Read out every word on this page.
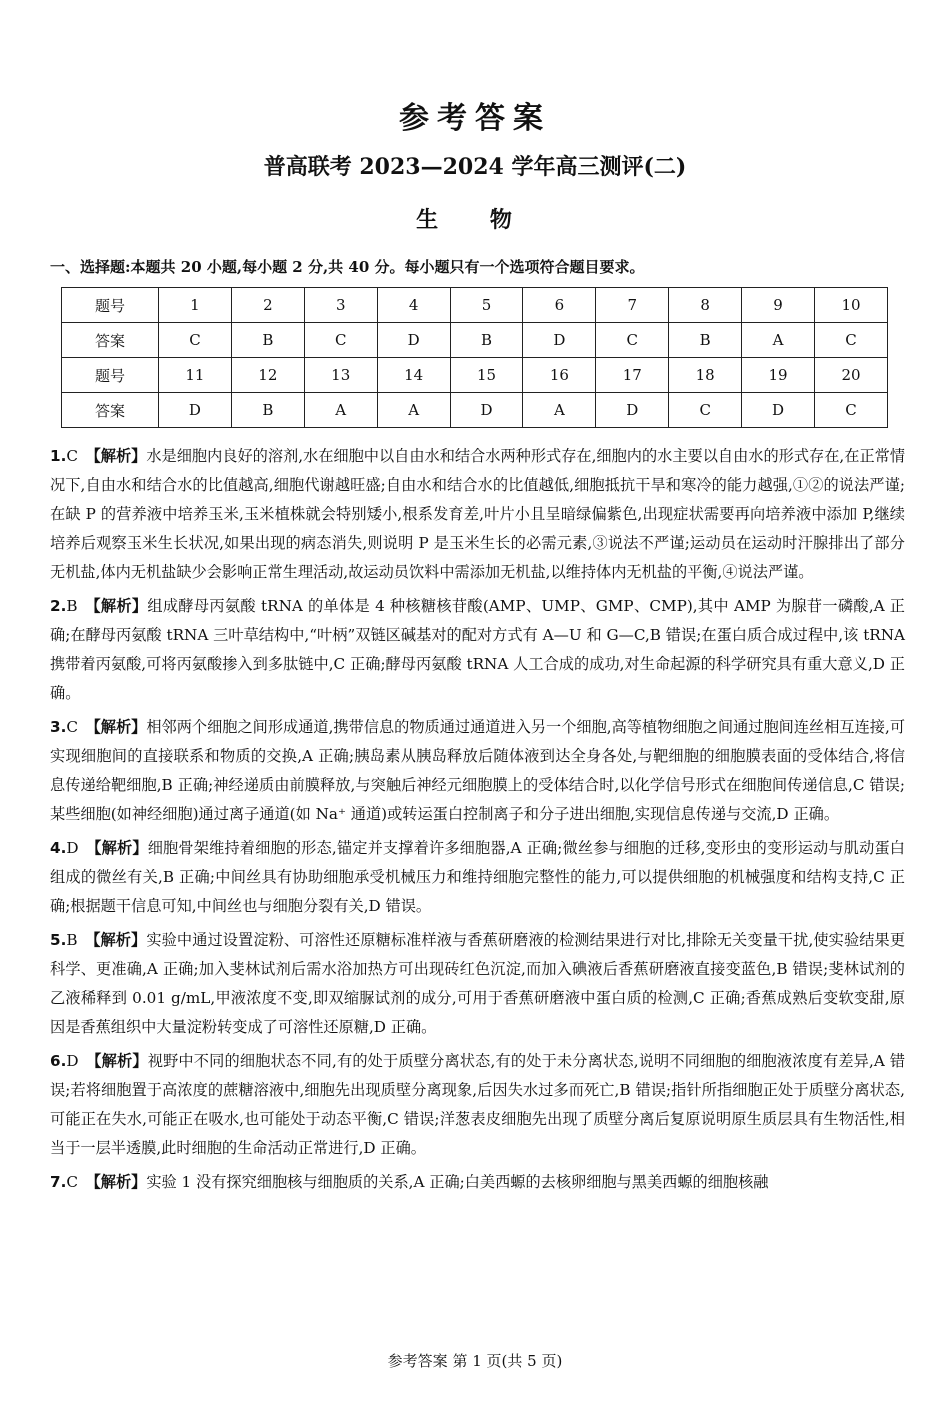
参考答案
普高联考 2023—2024 学年高三测评(二)
生 物
一、选择题:本题共 20 小题,每小题 2 分,共 40 分。每小题只有一个选项符合题目要求。
题号	1	2	3	4	5	6	7	8	9	10
答案	C	B	C	D	B	D	C	B	A	C
题号	11	12	13	14	15	16	17	18	19	20
答案	D	B	A	A	D	A	D	C	D	C
1.C  【解析】水是细胞内良好的溶剂,水在细胞中以自由水和结合水两种形式存在,细胞内的水主要以自由水的形式存在,在正常情况下,自由水和结合水的比值越高,细胞代谢越旺盛;自由水和结合水的比值越低,细胞抵抗干旱和寒冷的能力越强,①②的说法严谨;在缺 P 的营养液中培养玉米,玉米植株就会特别矮小,根系发育差,叶片小且呈暗绿偏紫色,出现症状需要再向培养液中添加 P,继续培养后观察玉米生长状况,如果出现的病态消失,则说明 P 是玉米生长的必需元素,③说法不严谨;运动员在运动时汗腺排出了部分无机盐,体内无机盐缺少会影响正常生理活动,故运动员饮料中需添加无机盐,以维持体内无机盐的平衡,④说法严谨。
2.B  【解析】组成酵母丙氨酸 tRNA 的单体是 4 种核糖核苷酸(AMP、UMP、GMP、CMP),其中 AMP 为腺苷一磷酸,A 正确;在酵母丙氨酸 tRNA 三叶草结构中,“叶柄”双链区碱基对的配对方式有 A—U 和 G—C,B 错误;在蛋白质合成过程中,该 tRNA 携带着丙氨酸,可将丙氨酸掺入到多肽链中,C 正确;酵母丙氨酸 tRNA 人工合成的成功,对生命起源的科学研究具有重大意义,D 正确。
3.C  【解析】相邻两个细胞之间形成通道,携带信息的物质通过通道进入另一个细胞,高等植物细胞之间通过胞间连丝相互连接,可实现细胞间的直接联系和物质的交换,A 正确;胰岛素从胰岛释放后随体液到达全身各处,与靶细胞的细胞膜表面的受体结合,将信息传递给靶细胞,B 正确;神经递质由前膜释放,与突触后神经元细胞膜上的受体结合时,以化学信号形式在细胞间传递信息,C 错误;某些细胞(如神经细胞)通过离子通道(如 Na⁺ 通道)或转运蛋白控制离子和分子进出细胞,实现信息传递与交流,D 正确。
4.D  【解析】细胞骨架维持着细胞的形态,锚定并支撑着许多细胞器,A 正确;微丝参与细胞的迁移,变形虫的变形运动与肌动蛋白组成的微丝有关,B 正确;中间丝具有协助细胞承受机械压力和维持细胞完整性的能力,可以提供细胞的机械强度和结构支持,C 正确;根据题干信息可知,中间丝也与细胞分裂有关,D 错误。
5.B  【解析】实验中通过设置淀粉、可溶性还原糖标准样液与香蕉研磨液的检测结果进行对比,排除无关变量干扰,使实验结果更科学、更准确,A 正确;加入斐林试剂后需水浴加热方可出现砖红色沉淀,而加入碘液后香蕉研磨液直接变蓝色,B 错误;斐林试剂的乙液稀释到 0.01 g/mL,甲液浓度不变,即双缩脲试剂的成分,可用于香蕉研磨液中蛋白质的检测,C 正确;香蕉成熟后变软变甜,原因是香蕉组织中大量淀粉转变成了可溶性还原糖,D 正确。
6.D  【解析】视野中不同的细胞状态不同,有的处于质壁分离状态,有的处于未分离状态,说明不同细胞的细胞液浓度有差异,A 错误;若将细胞置于高浓度的蔗糖溶液中,细胞先出现质壁分离现象,后因失水过多而死亡,B 错误;指针所指细胞正处于质壁分离状态,可能正在失水,可能正在吸水,也可能处于动态平衡,C 错误;洋葱表皮细胞先出现了质壁分离后复原说明原生质层具有生物活性,相当于一层半透膜,此时细胞的生命活动正常进行,D 正确。
7.C  【解析】实验 1 没有探究细胞核与细胞质的关系,A 正确;白美西螈的去核卵细胞与黑美西螈的细胞核融
参考答案 第 1 页(共 5 页)
